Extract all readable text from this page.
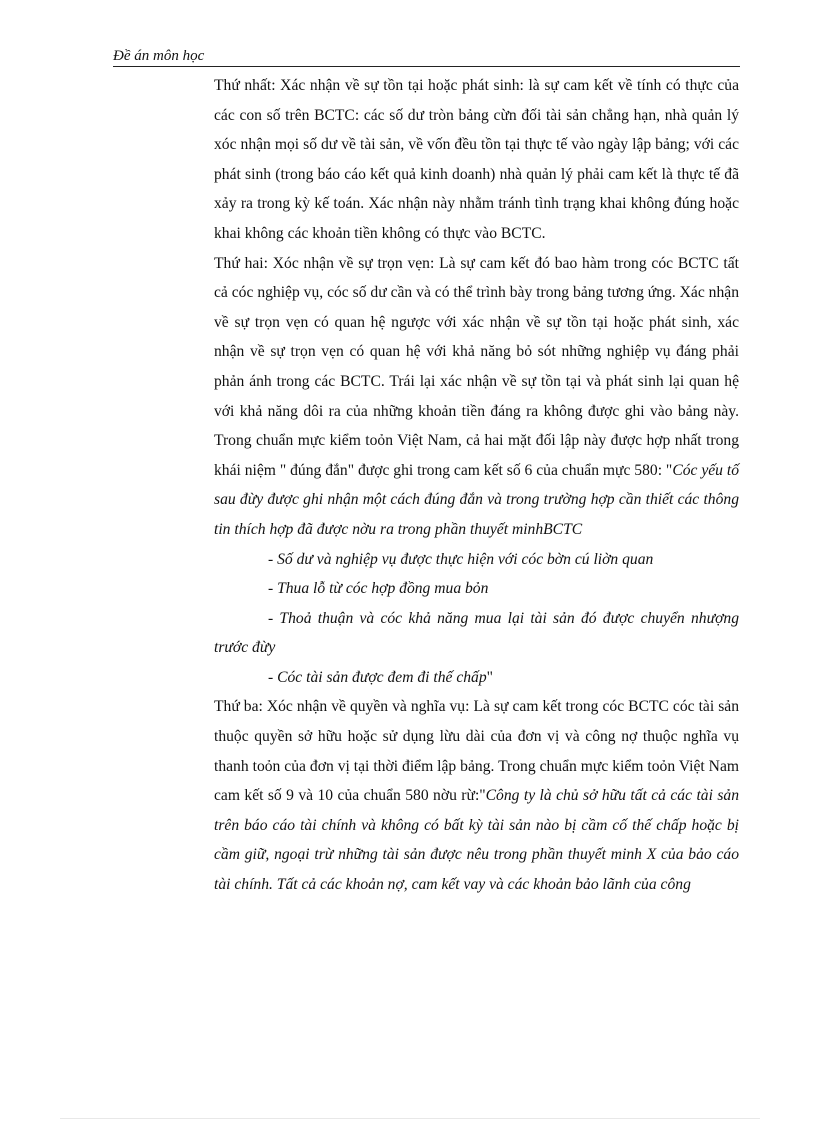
Đề án môn học

Thứ nhất: Xác nhận về sự tồn tại hoặc phát sinh: là sự cam kết về tính có thực của các con số trên BCTC: các số dư tròn bảng cừn đối tài sản chẳng hạn, nhà quản lý xóc nhận mọi số dư về tài sản, về vốn đều tồn tại thực tế vào ngày lập bảng; với các phát sinh (trong báo cáo kết quả kinh doanh) nhà quản lý phải cam kết là thực tế đã xảy ra trong kỳ kế toán. Xác nhận này nhằm tránh tình trạng khai không đúng hoặc khai không các khoản tiền không có thực vào BCTC.

Thứ hai: Xóc nhận về sự trọn vẹn: Là sự cam kết đó bao hàm trong cóc BCTC tất cả cóc nghiệp vụ, cóc số dư cần và có thể trình bày trong bảng tương ứng. Xác nhận về sự trọn vẹn có quan hệ ngược với xác nhận về sự tồn tại hoặc phát sinh, xác nhận về sự trọn vẹn có quan hệ với khả năng bỏ sót những nghiệp vụ đáng phải phản ánh trong các BCTC. Trái lại xác nhận về sự tồn tại và phát sinh lại quan hệ với khả năng dôi ra của những khoản tiền đáng ra không được ghi vào bảng này. Trong chuẩn mực kiểm toỏn Việt Nam, cả hai mặt đối lập này được hợp nhất trong khái niệm " đúng đắn" được ghi trong cam kết số 6 của chuẩn mực 580: "Cóc yếu tố sau đừy được ghi nhận một cách đúng đắn và trong trường hợp cần thiết các thông tin thích hợp đã được nờu ra trong phần thuyết minhBCTC

- Số dư và nghiệp vụ được thực hiện với cóc bờn cú liờn quan

- Thua lỗ từ cóc hợp đồng mua bỏn

- Thoả thuận và cóc khả năng mua lại tài sản đó được chuyển nhượng trước đừy

- Cóc tài sản được đem đi thế chấp"

Thứ ba: Xóc nhận về quyền và nghĩa vụ: Là sự cam kết trong cóc BCTC cóc tài sản thuộc quyền sở hữu hoặc sử dụng lừu dài của đơn vị và công nợ thuộc nghĩa vụ thanh toỏn của đơn vị tại thời điểm lập bảng. Trong chuẩn mực kiểm toỏn Việt Nam cam kết số 9 và 10 của chuẩn 580 nờu rừ:"Công ty là chủ sở hữu tất cả các tài sản trên báo cáo tài chính và không có bất kỳ tài sản nào bị cầm cố thế chấp hoặc bị cầm giữ, ngoại trừ những tài sản được nêu trong phần thuyết minh X của bảo cáo tài chính. Tất cả các khoản nợ, cam kết vay và các khoản bảo lãnh của công
